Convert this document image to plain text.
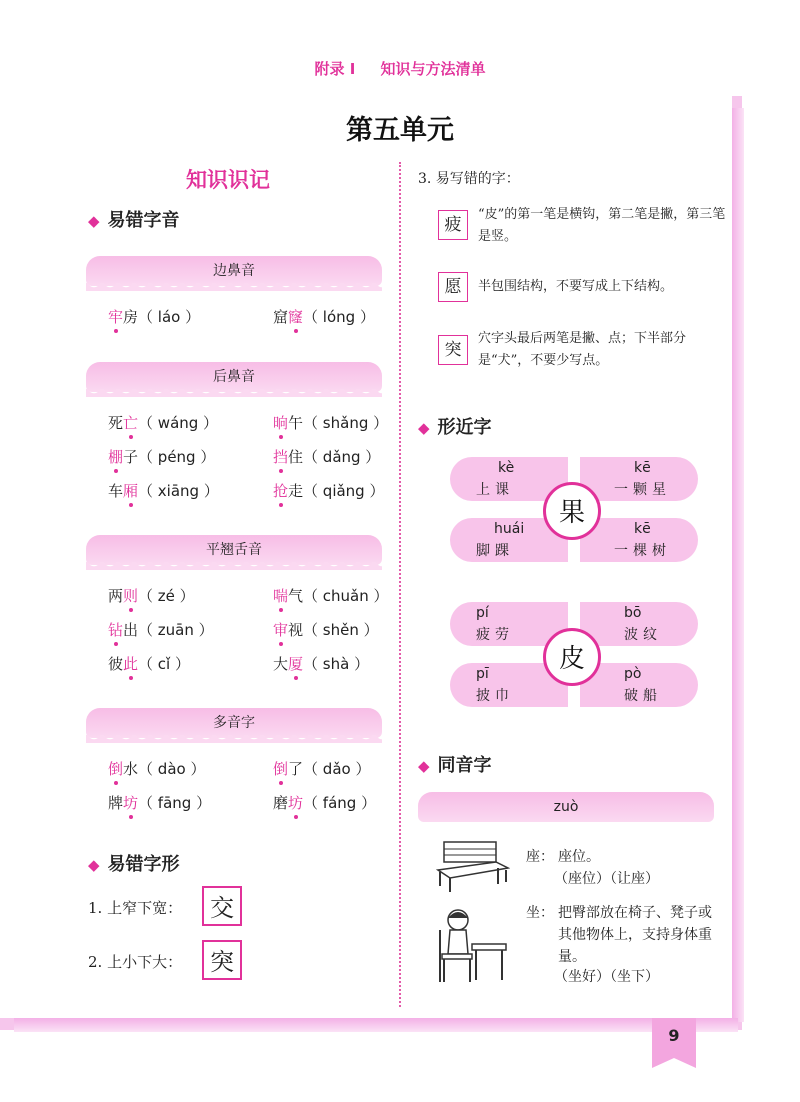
附录 I 知识与方法清单
第五单元
知识识记
◆ 易错字音
边鼻音
牢房（ láo ）	窟窿（ lóng ）
后鼻音
死亡（ wáng ）	晌午（ shǎng ）
棚子（ péng ）	挡住（ dǎng ）
车厢（ xiāng ）	抢走（ qiǎng ）
平翘舌音
两则（ zé ）	喘气（ chuǎn ）
钻出（ zuān ）	审视（ shěn ）
彼此（ cǐ ）	大厦（ shà ）
多音字
倒水（ dào ）	倒了（ dǎo ）
牌坊（ fāng ）	磨坊（ fáng ）
◆ 易错字形
1. 上窄下宽：	交
2. 上小下大：	突
3. 易写错的字：
疲
“皮”的第一笔是横钩，第二笔是撇，第三笔是竖。
愿	半包围结构，不要写成上下结构。
突
穴字头最后两笔是撇、点；下半部分是“犬”，不要少写点。
◆ 形近字
kè
上课
kē
一颗星
huái
脚踝
kē
一棵树
果
pí
疲劳
bō
波纹
pī
披巾
pò
破船
皮
◆ 同音字
zuò
座： 座位。
（座位）（让座）
坐： 把臀部放在椅子、凳子或其他物体上，支持身体重量。
（坐好）（坐下）
9
